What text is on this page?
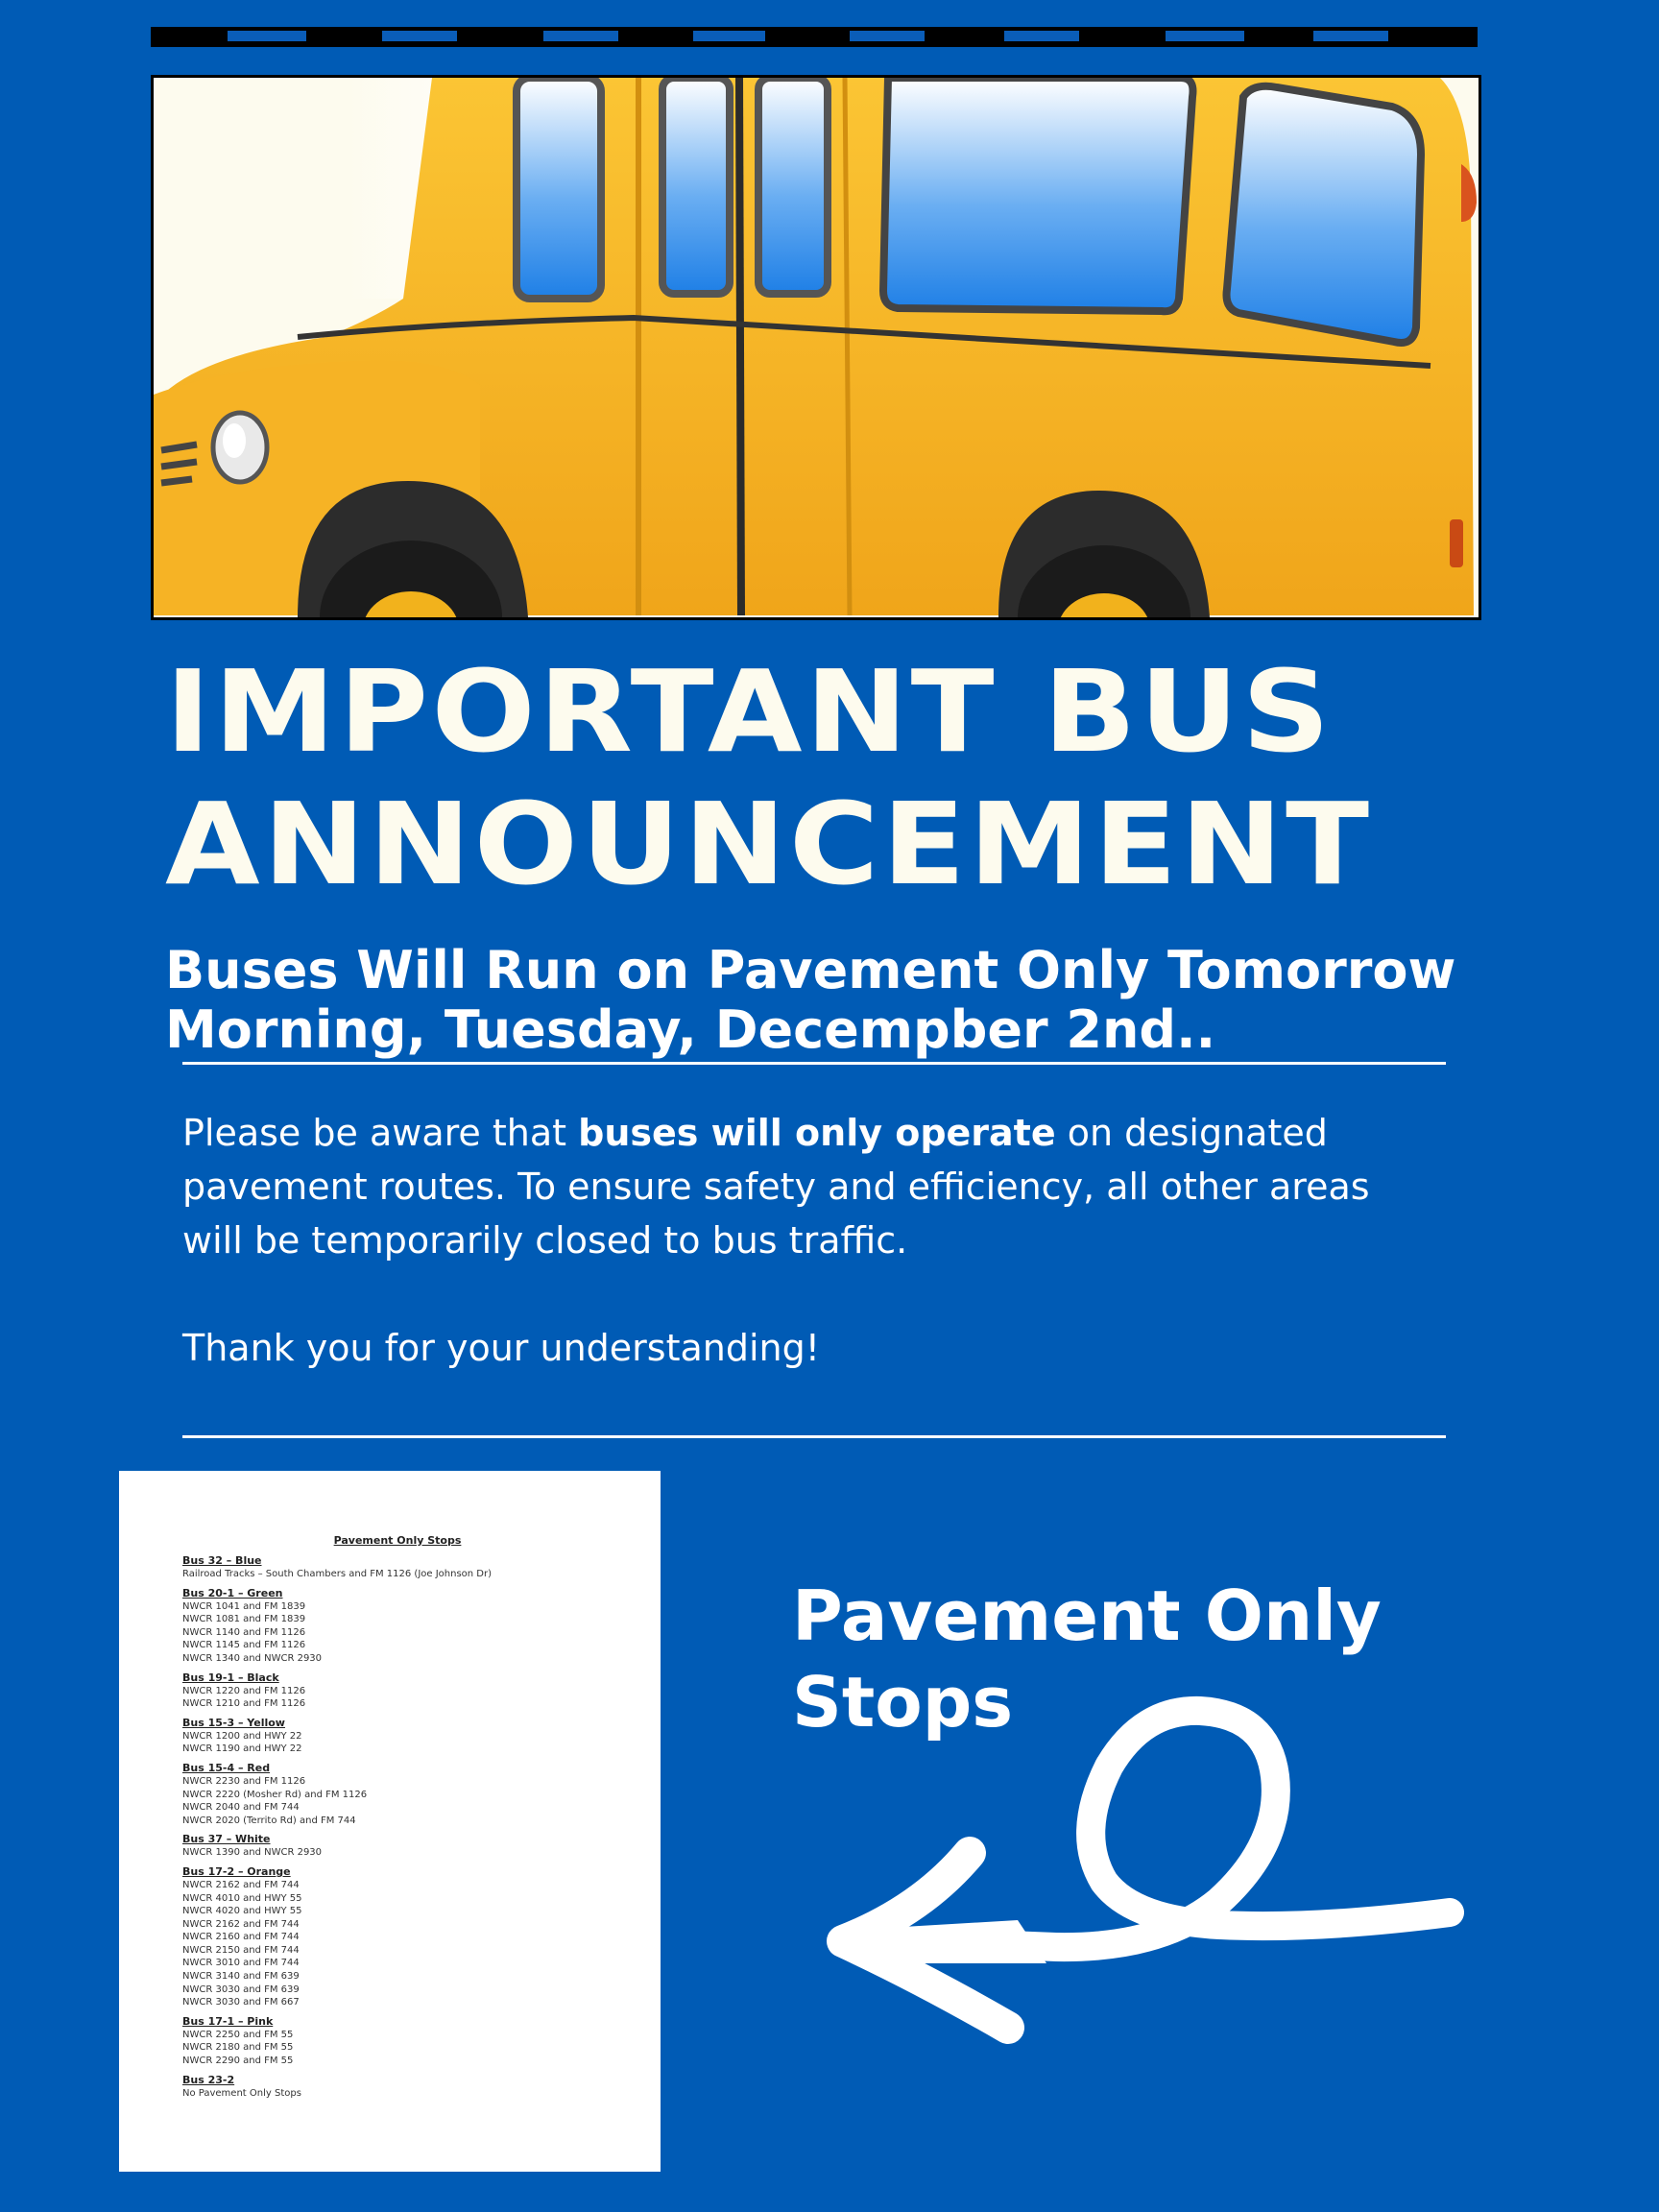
IMPORTANT BUS
ANNOUNCEMENT
Buses Will Run on Pavement Only Tomorrow
Morning, Tuesday, Decempber 2nd..

Please be aware that buses will only operate on designated pavement routes. To ensure safety and efficiency, all other areas will be temporarily closed to bus traffic.

Thank you for your understanding!

Pavement Only Stops

Bus 32 – Blue
Railroad Tracks – South Chambers and FM 1126 (Joe Johnson Dr)
Bus 20-1 – Green
NWCR 1041 and FM 1839
NWCR 1081 and FM 1839
NWCR 1140 and FM 1126
NWCR 1145 and FM 1126
NWCR 1340 and NWCR 2930
Bus 19-1 – Black
NWCR 1220 and FM 1126
NWCR 1210 and FM 1126
Bus 15-3 – Yellow
NWCR 1200 and HWY 22
NWCR 1190 and HWY 22
Bus 15-4 – Red
NWCR 2230 and FM 1126
NWCR 2220 (Mosher Rd) and FM 1126
NWCR 2040 and FM 744
NWCR 2020 (Territo Rd) and FM 744
Bus 37 – White
NWCR 1390 and NWCR 2930
Bus 17-2 – Orange
NWCR 2162 and FM 744
NWCR 4010 and HWY 55
NWCR 4020 and HWY 55
NWCR 2162 and FM 744
NWCR 2160 and FM 744
NWCR 2150 and FM 744
NWCR 3010 and FM 744
NWCR 3140 and FM 639
NWCR 3030 and FM 639
NWCR 3030 and FM 667
Bus 17-1 – Pink
NWCR 2250 and FM 55
NWCR 2180 and FM 55
NWCR 2290 and FM 55
Bus 23-2
No Pavement Only Stops
Pavement Only Stops
